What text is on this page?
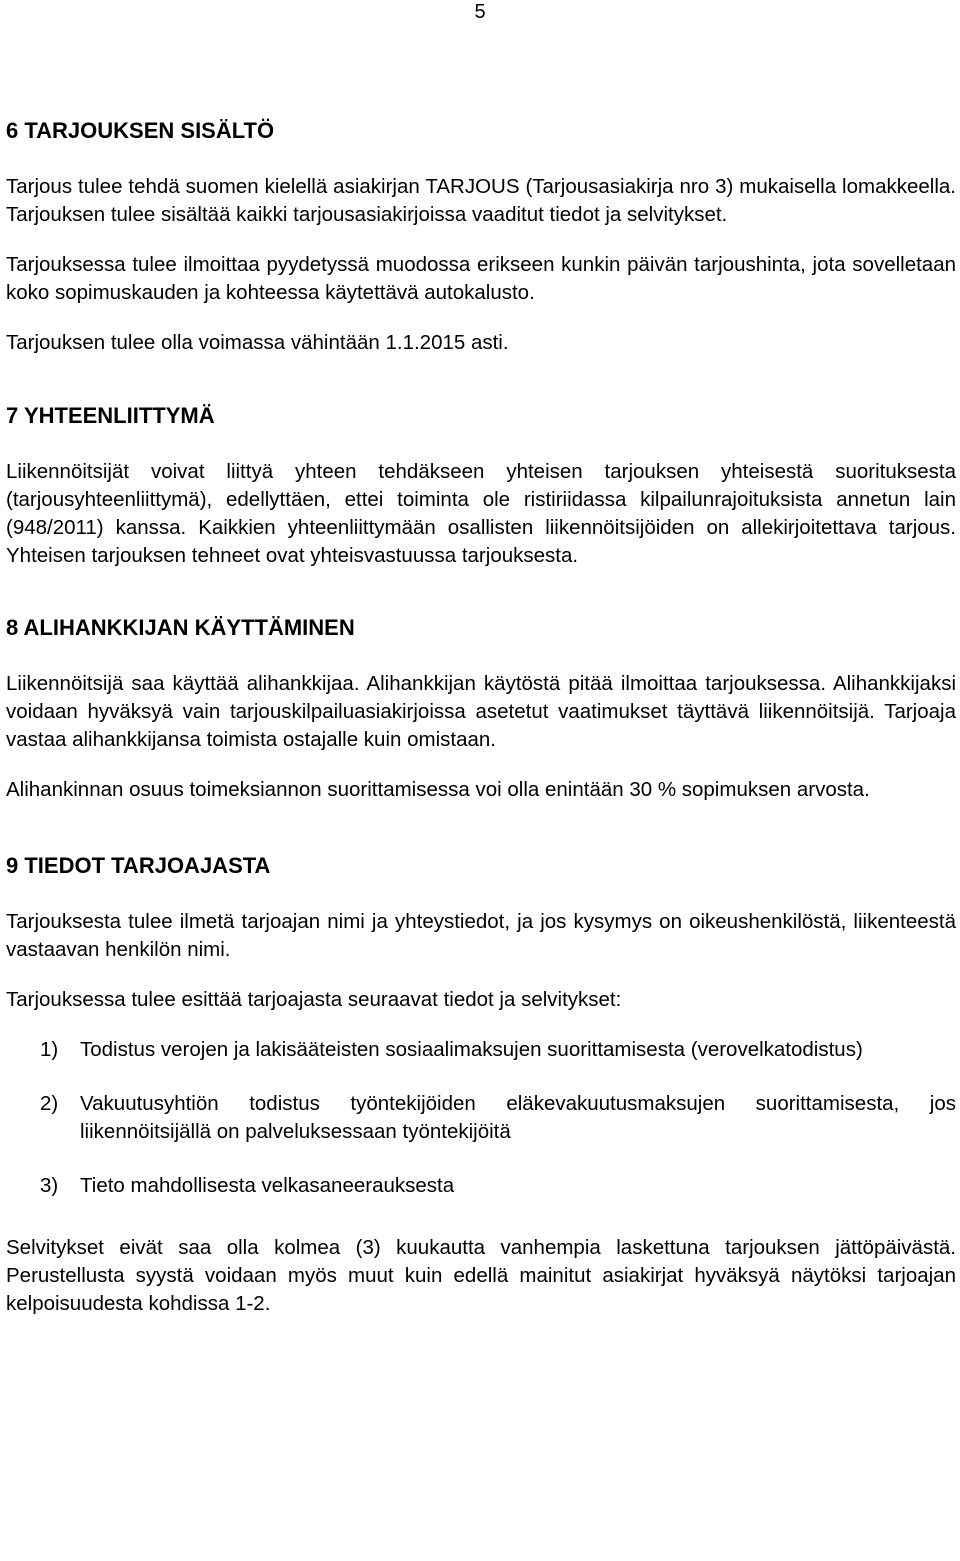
5
6 TARJOUKSEN SISÄLTÖ

Tarjous tulee tehdä suomen kielellä asiakirjan TARJOUS (Tarjousasiakirja nro 3) mukaisella lomakkeella. Tarjouksen tulee sisältää kaikki tarjousasiakirjoissa vaaditut tiedot ja selvitykset.

Tarjouksessa tulee ilmoittaa pyydetyssä muodossa erikseen kunkin päivän tarjoushinta, jota sovelletaan koko sopimuskauden ja kohteessa käytettävä autokalusto.

Tarjouksen tulee olla voimassa vähintään 1.1.2015 asti.

7 YHTEENLIITTYMÄ

Liikennöitsijät voivat liittyä yhteen tehdäkseen yhteisen tarjouksen yhteisestä suorituksesta (tarjousyhteenliittymä), edellyttäen, ettei toiminta ole ristiriidassa kilpailunrajoituksista annetun lain (948/2011) kanssa. Kaikkien yhteenliittymään osallisten liikennöitsijöiden on allekirjoitettava tarjous. Yhteisen tarjouksen tehneet ovat yhteisvastuussa tarjouksesta.

8 ALIHANKKIJAN KÄYTTÄMINEN

Liikennöitsijä saa käyttää alihankkijaa. Alihankkijan käytöstä pitää ilmoittaa tarjouksessa. Alihankkijaksi voidaan hyväksyä vain tarjouskilpailuasiakirjoissa asetetut vaatimukset täyttävä liikennöitsijä. Tarjoaja vastaa alihankkijansa toimista ostajalle kuin omistaan.

Alihankinnan osuus toimeksiannon suorittamisessa voi olla enintään 30 % sopimuksen arvosta.

9 TIEDOT TARJOAJASTA

Tarjouksesta tulee ilmetä tarjoajan nimi ja yhteystiedot, ja jos kysymys on oikeushenkilöstä, liikenteestä vastaavan henkilön nimi.

Tarjouksessa tulee esittää tarjoajasta seuraavat tiedot ja selvitykset:

1)	Todistus verojen ja lakisääteisten sosiaalimaksujen suorittamisesta (verovelkatodistus)
2)	Vakuutusyhtiön todistus työntekijöiden eläkevakuutusmaksujen suorittamisesta, jos liikennöitsijällä on palveluksessaan työntekijöitä
3)	Tieto mahdollisesta velkasaneerauksesta

Selvitykset eivät saa olla kolmea (3) kuukautta vanhempia laskettuna tarjouksen jättöpäivästä. Perustellusta syystä voidaan myös muut kuin edellä mainitut asiakirjat hyväksyä näytöksi tarjoajan kelpoisuudesta kohdissa 1-2.
